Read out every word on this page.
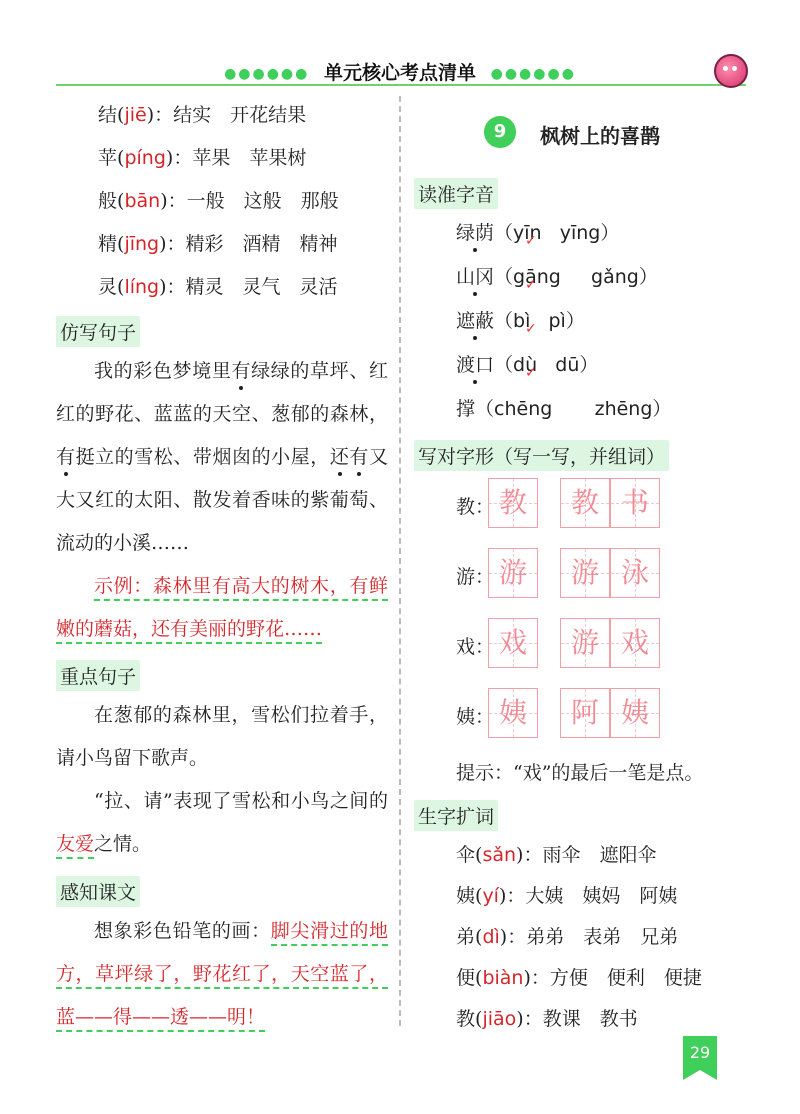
●●●●●● 单元核心考点清单 ●●●●●●
结(jiē)：结实　开花结果
苹(píng)：苹果　苹果树
般(bān)：一般　这般　那般
精(jīng)：精彩　酒精　精神
灵(líng)：精灵　灵气　灵活
仿写句子
我的彩色梦境里有绿绿的草坪、红红的野花、蓝蓝的天空、葱郁的森林，有挺立的雪松、带烟囱的小屋，还有又大又红的太阳、散发着香味的紫葡萄、流动的小溪……
示例：森林里有高大的树木，有鲜嫩的蘑菇，还有美丽的野花……
重点句子
在葱郁的森林里，雪松们拉着手，请小鸟留下歌声。
“拉、请”表现了雪松和小鸟之间的友爱之情。
感知课文
想象彩色铅笔的画：脚尖滑过的地方，草坪绿了，野花红了，天空蓝了，蓝——得——透——明！
9	枫树上的喜鹊
读准字音
绿荫（yīn ✓ yīng）
山冈（gāng ✓ gǎng）
遮蔽（bì ✓ pì）
渡口（dù ✓ dū）
撑（chēng zhēng）
写对字形（写一写，并组词）
教： 教	教 书
游： 游	游 泳
戏： 戏	游 戏
姨： 姨	阿 姨
提示：“戏”的最后一笔是点。
生字扩词
伞(sǎn)：雨伞　遮阳伞
姨(yí)：大姨　姨妈　阿姨
弟(dì)：弟弟　表弟　兄弟
便(biàn)：方便　便利　便捷
教(jiāo)：教课　教书
29
